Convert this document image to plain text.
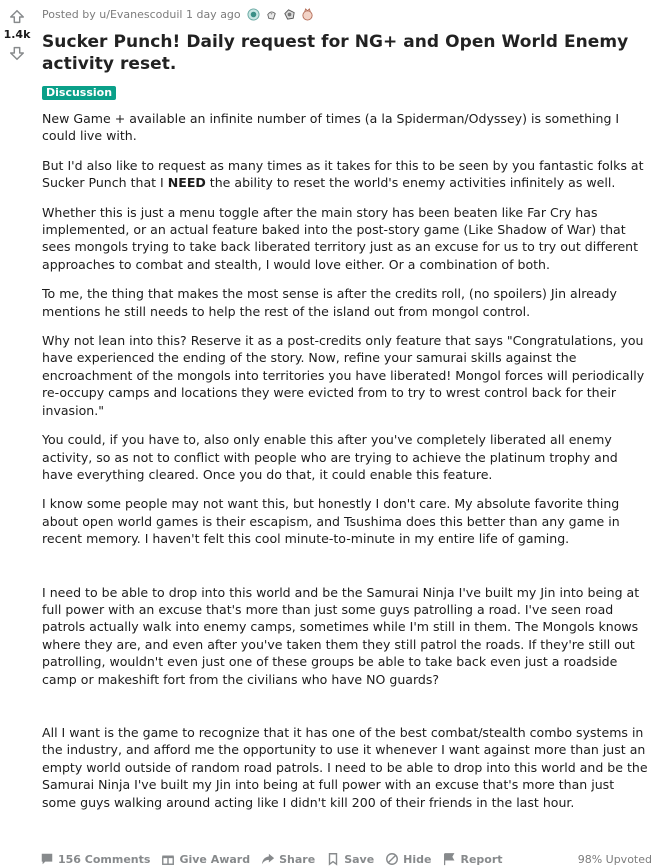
1.4k
Posted by
u/Evanescoduil
1 day ago
Sucker Punch! Daily request for NG+ and Open World Enemy activity reset.
Discussion

New Game + available an infinite number of times (a la Spiderman/Odyssey) is something I could live with.

But I'd also like to request as many times as it takes for this to be seen by you fantastic folks at Sucker Punch that I NEED the ability to reset the world's enemy activities infinitely as well.

Whether this is just a menu toggle after the main story has been beaten like Far Cry has implemented, or an actual feature baked into the post-story game (Like Shadow of War) that sees mongols trying to take back liberated territory just as an excuse for us to try out different approaches to combat and stealth, I would love either. Or a combination of both.

To me, the thing that makes the most sense is after the credits roll, (no spoilers) Jin already mentions he still needs to help the rest of the island out from mongol control.

Why not lean into this? Reserve it as a post-credits only feature that says "Congratulations, you have experienced the ending of the story. Now, refine your samurai skills against the encroachment of the mongols into territories you have liberated! Mongol forces will periodically re-occupy camps and locations they were evicted from to try to wrest control back for their invasion."

You could, if you have to, also only enable this after you've completely liberated all enemy activity, so as not to conflict with people who are trying to achieve the platinum trophy and have everything cleared. Once you do that, it could enable this feature.

I know some people may not want this, but honestly I don't care. My absolute favorite thing about open world games is their escapism, and Tsushima does this better than any game in recent memory. I haven't felt this cool minute-to-minute in my entire life of gaming.

I need to be able to drop into this world and be the Samurai Ninja I've built my Jin into being at full power with an excuse that's more than just some guys patrolling a road. I've seen road patrols actually walk into enemy camps, sometimes while I'm still in them. The Mongols knows where they are, and even after you've taken them they still patrol the roads. If they're still out patrolling, wouldn't even just one of these groups be able to take back even just a roadside camp or makeshift fort from the civilians who have NO guards?

All I want is the game to recognize that it has one of the best combat/stealth combo systems in the industry, and afford me the opportunity to use it whenever I want against more than just an empty world outside of random road patrols. I need to be able to drop into this world and be the Samurai Ninja I've built my Jin into being at full power with an excuse that's more than just some guys walking around acting like I didn't kill 200 of their friends in the last hour.

156 Comments	Give Award	Share	Save	Hide	Report	98% Upvoted
